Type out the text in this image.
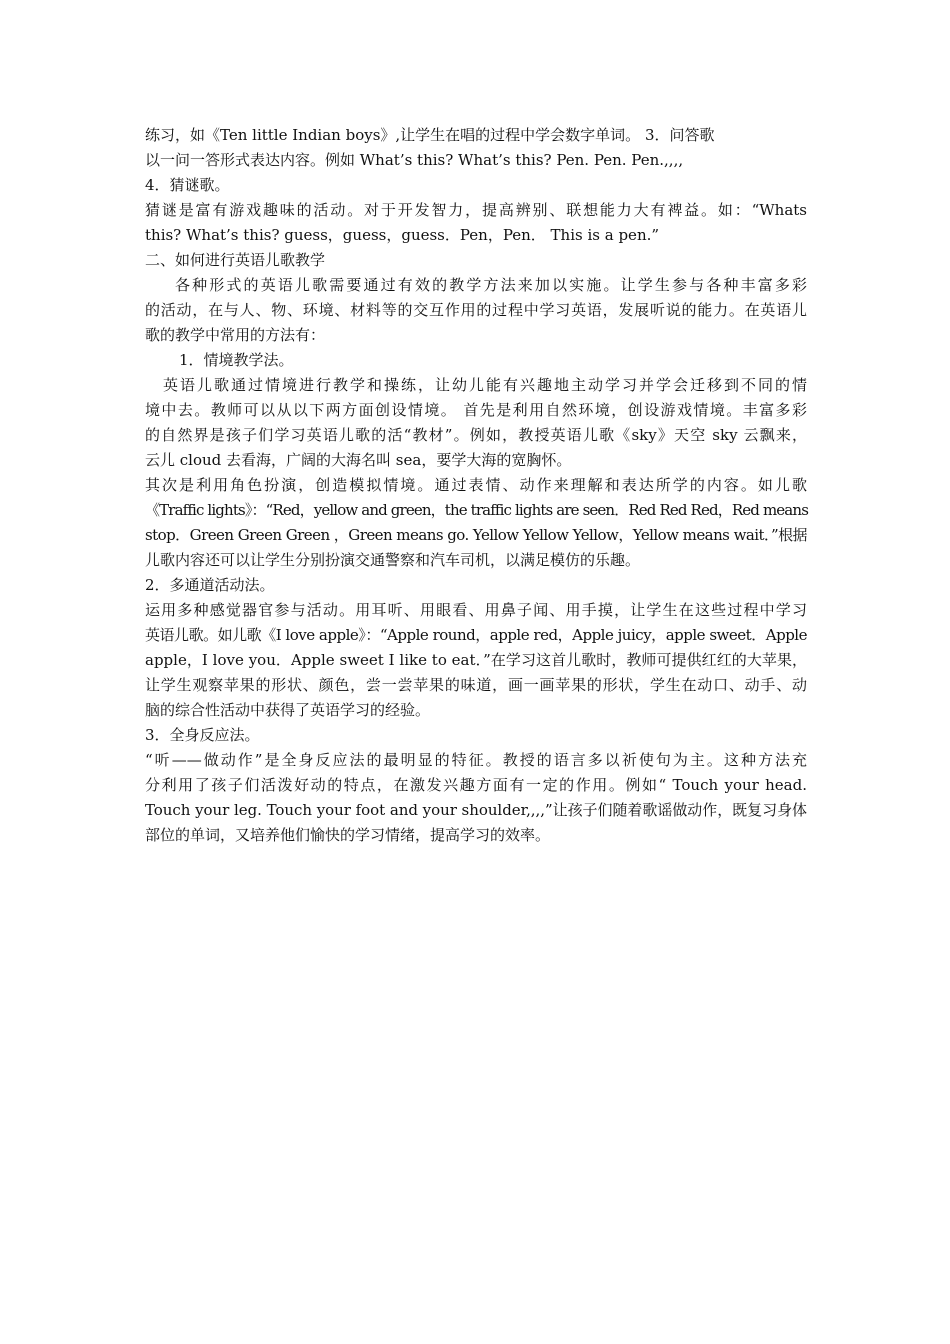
练习，如《Ten little Indian boys》,让学生在唱的过程中学会数字单词。 3．问答歌
以一问一答形式表达内容。例如 What’s this? What’s this? Pen. Pen. Pen.,,,,
4．猜谜歌。
猜谜是富有游戏趣味的活动。对于开发智力，提高辨别、联想能力大有裨益。如：“Whats
this? What’s this? guess，guess，guess．Pen，Pen． This is a pen.”
二、如何进行英语儿歌教学
各种形式的英语儿歌需要通过有效的教学方法来加以实施。让学生参与各种丰富多彩
的活动，在与人、物、环境、材料等的交互作用的过程中学习英语，发展听说的能力。在英语儿
歌的教学中常用的方法有：
1．情境教学法。
英语儿歌通过情境进行教学和操练，让幼儿能有兴趣地主动学习并学会迁移到不同的情
境中去。教师可以从以下两方面创设情境。 首先是利用自然环境，创设游戏情境。丰富多彩
的自然界是孩子们学习英语儿歌的活“教材”。例如，教授英语儿歌《sky》天空 sky 云飘来，
云儿 cloud 去看海，广阔的大海名叫 sea，要学大海的宽胸怀。
其次是利用角色扮演，创造模拟情境。通过表情、动作来理解和表达所学的内容。如儿歌
《Traffic lights》：“Red，yellow and green，the traffic lights are seen．Red Red Red，Red means
stop．Green Green Green ，Green means go. Yellow Yellow Yellow，Yellow means wait．”根据
儿歌内容还可以让学生分别扮演交通警察和汽车司机，以满足模仿的乐趣。
2．多通道活动法。
运用多种感觉器官参与活动。用耳听、用眼看、用鼻子闻、用手摸，让学生在这些过程中学习
英语儿歌。如儿歌《I love apple》：“Apple round，apple red，Apple juicy，apple sweet．Apple
apple，I love you．Apple sweet I like to eat．”在学习这首儿歌时，教师可提供红红的大苹果，
让学生观察苹果的形状、颜色，尝一尝苹果的味道，画一画苹果的形状，学生在动口、动手、动
脑的综合性活动中获得了英语学习的经验。
3．全身反应法。
“听——做动作”是全身反应法的最明显的特征。教授的语言多以祈使句为主。这种方法充
分利用了孩子们活泼好动的特点，在激发兴趣方面有一定的作用。例如“ Touch your head.
Touch your leg. Touch your foot and your shoulder,,,,”让孩子们随着歌谣做动作，既复习身体
部位的单词，又培养他们愉快的学习情绪，提高学习的效率。
